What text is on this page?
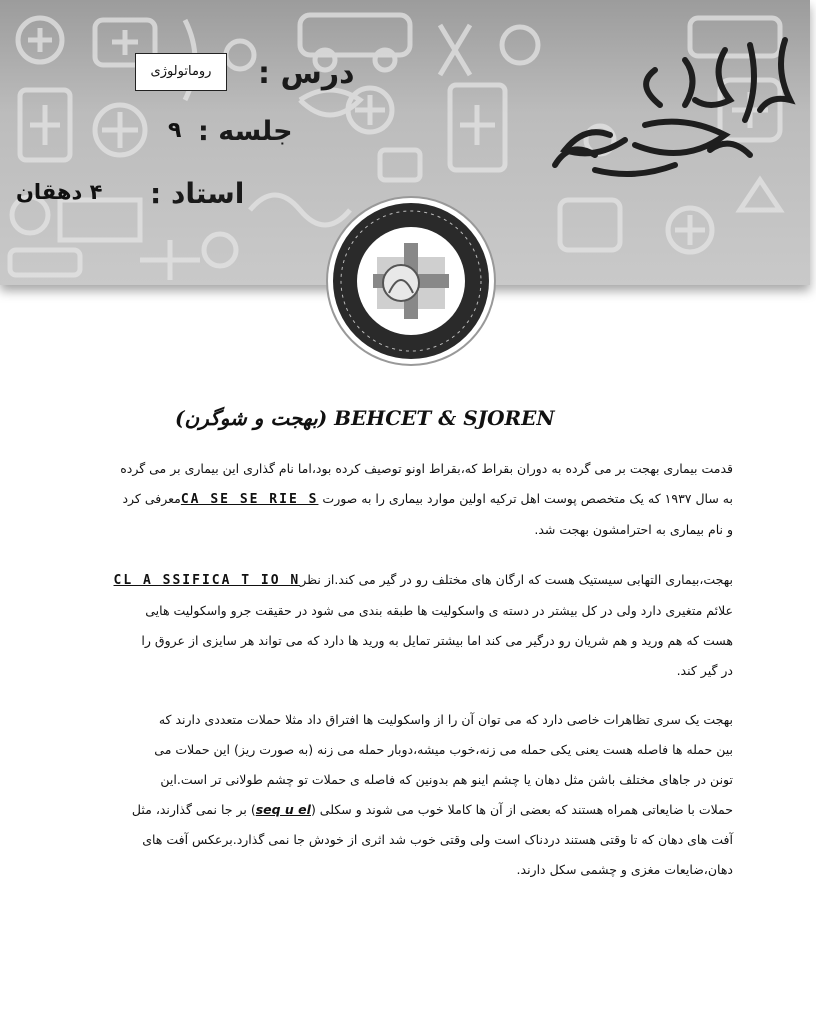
درس :
جلسه :
استاد :
روماتولوژی
۹
۴ دهقان
(بهجت و شوگرن) BEHCET & SJOREN
قدمت بیماری بهجت بر می گرده به دوران بقراط که،بقراط اونو توصیف کرده بود،اما نام گذاری این بیماری بر می گرده
به سال ۱۹۳۷ که یک متخصص پوست اهل ترکیه اولین موارد بیماری را به صورت CA SE SE RIE Sمعرفی کرد
و نام بیماری به احترامشون بهجت شد.
بهجت،بیماری التهابی سیستیک هست که ارگان های مختلف رو در گیر می کند.از نظرCL A SSIFICA T IO N
علائم متغیری دارد ولی در کل بیشتر در دسته ی واسکولیت ها طبقه بندی می شود در حقیقت جرو واسکولیت هایی
هست که هم ورید و هم شریان رو درگیر می کند اما بیشتر تمایل به ورید ها دارد که می تواند هر سایزی از عروق را
در گیر کند.
بهجت یک سری تظاهرات خاصی دارد که می توان آن را از واسکولیت ها افتراق داد مثلا حملات متعددی دارند که
بین حمله ها فاصله هست یعنی یکی حمله می زنه،خوب میشه،دوبار حمله می زنه (به صورت ریز) این حملات می
تونن در جاهای مختلف باشن مثل دهان یا چشم اینو هم بدونین که فاصله ی حملات تو چشم طولانی تر است.این
حملات با ضایعاتی همراه هستند که بعضی از آن ها کاملا خوب می شوند و سکلی (seq u el) بر جا نمی گذارند، مثل
آفت های دهان که تا وقتی هستند دردناک است ولی وقتی خوب شد اثری از خودش جا نمی گذارد.برعکس آفت های
دهان،ضایعات مغزی و چشمی سکل دارند.
